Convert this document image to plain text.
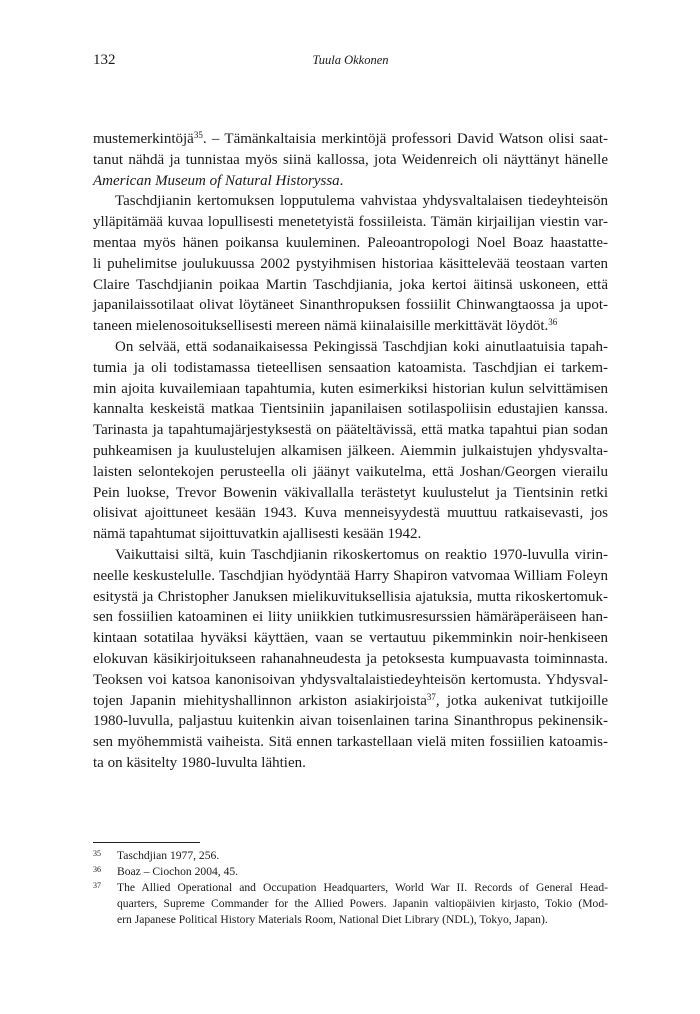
132	Tuula Okkonen

mustemerkintöjä$^{35}$. – Tämänkaltaisia merkintöjä professori David Watson olisi saat-
tanut nähdä ja tunnistaa myös siinä kallossa, jota Weidenreich oli näyttänyt hänelle
American Museum of Natural Historyssa.

Taschdjianin kertomuksen lopputulema vahvistaa yhdysvaltalaisen tiedeyhteisön
ylläpitämää kuvaa lopullisesti menetetyistä fossiileista. Tämän kirjailijan viestin var-
mentaa myös hänen poikansa kuuleminen. Paleoantropologi Noel Boaz haastatte-
li puhelimitse joulukuussa 2002 pystyihmisen historiaa käsittelevää teostaan varten
Claire Taschdjianin poikaa Martin Taschdjiania, joka kertoi äitinsä uskoneen, että
japanilaissotilaat olivat löytäneet Sinanthropuksen fossiilit Chinwangtaossa ja upot-
taneen mielenosoituksellisesti mereen nämä kiinalaisille merkittävät löydöt.$^{36}$

On selvää, että sodanaikaisessa Pekingissä Taschdjian koki ainutlaatuisia tapah-
tumia ja oli todistamassa tieteellisen sensaation katoamista. Taschdjian ei tarkem-
min ajoita kuvailemiaan tapahtumia, kuten esimerkiksi historian kulun selvittämisen
kannalta keskeistä matkaa Tientsiniin japanilaisen sotilaspoliisin edustajien kanssa.
Tarinasta ja tapahtumajärjestyksestä on pääteltävissä, että matka tapahtui pian sodan
puhkeamisen ja kuulustelujen alkamisen jälkeen. Aiemmin julkaistujen yhdysvalta-
laisten selontekojen perusteella oli jäänyt vaikutelma, että Joshan/Georgen vierailu
Pein luokse, Trevor Bowenin väkivallalla terästetyt kuulustelut ja Tientsinin retki
olisivat ajoittuneet kesään 1943. Kuva menneisyydestä muuttuu ratkaisevasti, jos
nämä tapahtumat sijoittuvatkin ajallisesti kesään 1942.

Vaikuttaisi siltä, kuin Taschdjianin rikoskertomus on reaktio 1970-luvulla virin-
neelle keskustelulle. Taschdjian hyödyntää Harry Shapiron vatvomaa William Foleyn
esitystä ja Christopher Januksen mielikuvituksellisia ajatuksia, mutta rikoskertomuk-
sen fossiilien katoaminen ei liity uniikkien tutkimusresurssien hämäräperäiseen han-
kintaan sotatilaa hyväksi käyttäen, vaan se vertautuu pikemminkin noir-henkiseen
elokuvan käsikirjoitukseen rahanahneudesta ja petoksesta kumpuavasta toiminnasta.
Teoksen voi katsoa kanonisoivan yhdysvaltalaistiedeyhteisön kertomusta. Yhdysval-
tojen Japanin miehityshallinnon arkiston asiakirjoista$^{37}$, jotka aukenivat tutkijoille
1980-luvulla, paljastuu kuitenkin aivan toisenlainen tarina Sinanthropus pekinensik-
sen myöhemmistä vaiheista. Sitä ennen tarkastellaan vielä miten fossiilien katoamis-
ta on käsitelty 1980-luvulta lähtien.

35 Taschdjian 1977, 256.
36 Boaz – Ciochon 2004, 45.
37 The Allied Operational and Occupation Headquarters, World War II. Records of General Head-
quarters, Supreme Commander for the Allied Powers. Japanin valtiopäivien kirjasto, Tokio (Mod-
ern Japanese Political History Materials Room, National Diet Library (NDL), Tokyo, Japan).
